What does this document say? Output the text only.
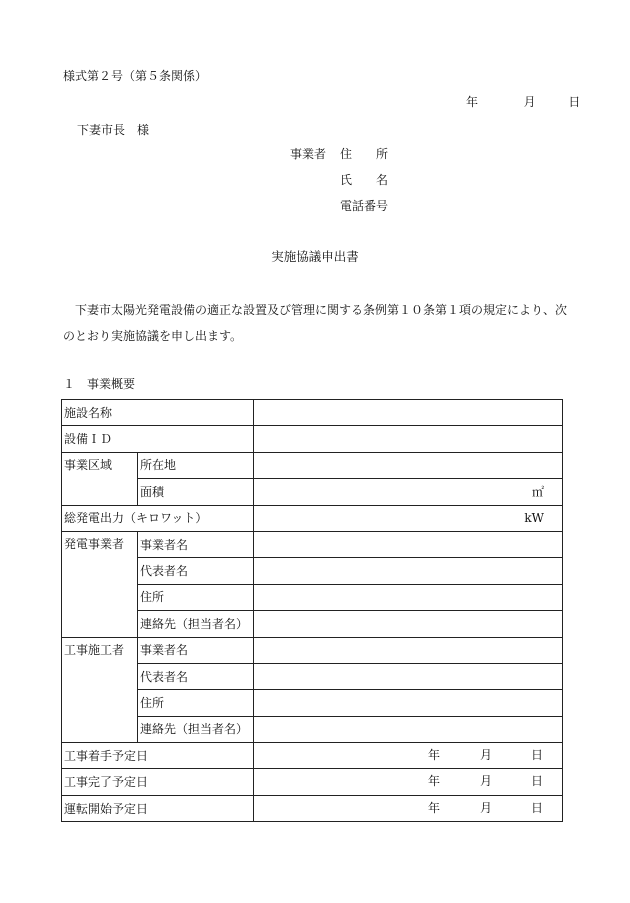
様式第２号（第５条関係）
年	月	日
下妻市長　様
事業者 住　　所
氏　　名
電話番号
実施協議申出書
　下妻市太陽光発電設備の適正な設置及び管理に関する条例第１０条第１項の規定により、次のとおり実施協議を申し出ます。
１　事業概要
施設名称		
設備ＩＤ		
事業区域	所在地	
	面積	㎡
総発電出力（キロワット）		kW
発電事業者	事業者名	
	代表者名	
	住所	
	連絡先（担当者名）	
工事施工者	事業者名	
	代表者名	
	住所	
	連絡先（担当者名）	
工事着手予定日		年 月 日

工事完了予定日		年 月 日

運転開始予定日		年 月 日
